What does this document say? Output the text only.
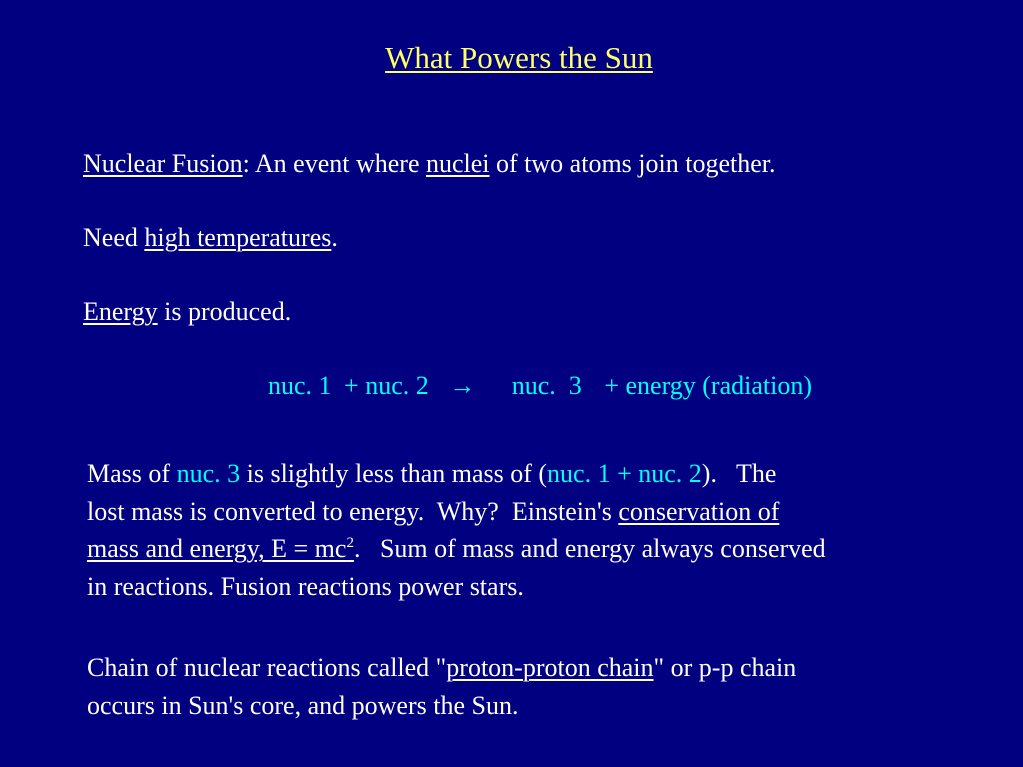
What Powers the Sun
Nuclear Fusion: An event where nuclei of two atoms join together.
Need high temperatures.
Energy is produced.
nuc. 1 + nuc. 2 → nuc.  3 + energy (radiation)
Mass of nuc. 3 is slightly less than mass of (nuc. 1 + nuc. 2).   The
lost mass is converted to energy.  Why?  Einstein's conservation of
mass and energy, $E = mc^2$.   Sum of mass and energy always conserved
in reactions. Fusion reactions power stars.
Chain of nuclear reactions called "proton-proton chain" or p-p chain
occurs in Sun's core, and powers the Sun.
